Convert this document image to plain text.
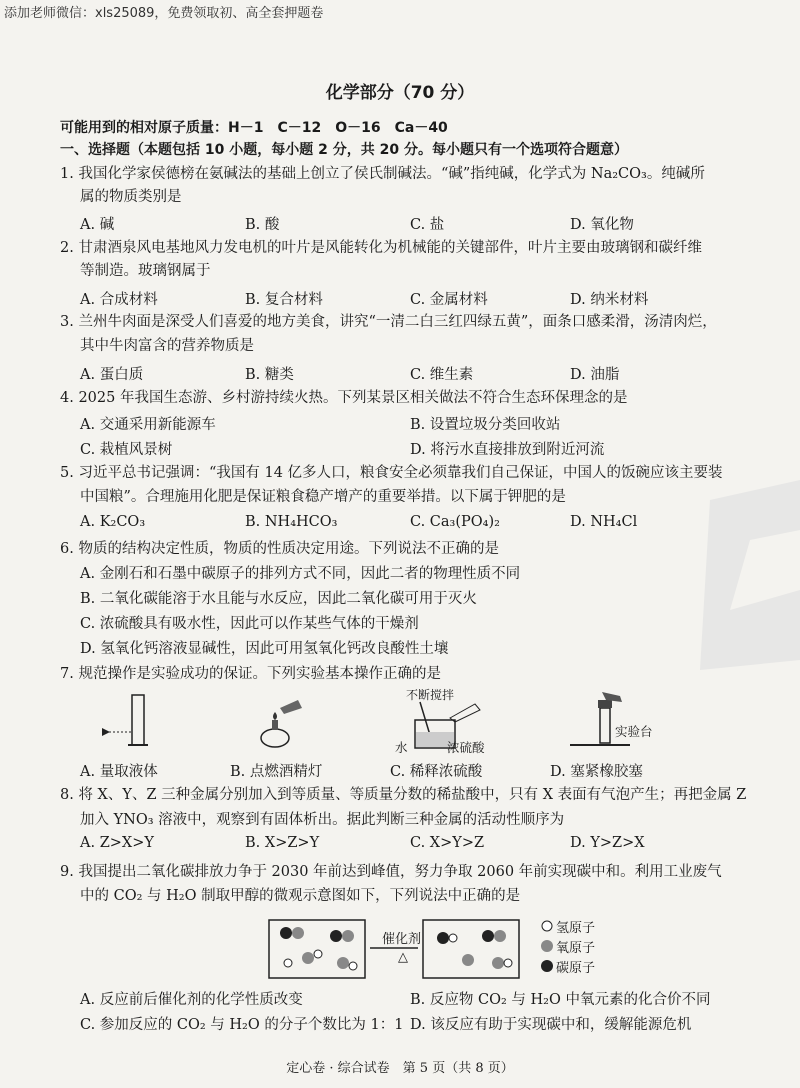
添加老师微信：xls25089，免费领取初、高全套押题卷
化学部分（70 分）
可能用到的相对原子质量：H－1　C－12　O－16　Ca－40
一、选择题（本题包括 10 小题，每小题 2 分，共 20 分。每小题只有一个选项符合题意）
1. 我国化学家侯德榜在氨碱法的基础上创立了侯氏制碱法。“碱”指纯碱，化学式为 Na₂CO₃。纯碱所
属的物质类别是
A. 碱	B. 酸	C. 盐	D. 氧化物
2. 甘肃酒泉风电基地风力发电机的叶片是风能转化为机械能的关键部件，叶片主要由玻璃钢和碳纤维
等制造。玻璃钢属于
A. 合成材料	B. 复合材料	C. 金属材料	D. 纳米材料
3. 兰州牛肉面是深受人们喜爱的地方美食，讲究“一清二白三红四绿五黄”，面条口感柔滑，汤清肉烂，
其中牛肉富含的营养物质是
A. 蛋白质	B. 糖类	C. 维生素	D. 油脂
4. 2025 年我国生态游、乡村游持续火热。下列某景区相关做法不符合生态环保理念的是
A. 交通采用新能源车	B. 设置垃圾分类回收站
C. 栽植风景树	D. 将污水直接排放到附近河流
5. 习近平总书记强调：“我国有 14 亿多人口，粮食安全必须靠我们自己保证，中国人的饭碗应该主要装
中国粮”。合理施用化肥是保证粮食稳产增产的重要举措。以下属于钾肥的是
A. K₂CO₃	B. NH₄HCO₃	C. Ca₃(PO₄)₂	D. NH₄Cl
6. 物质的结构决定性质，物质的性质决定用途。下列说法不正确的是
A. 金刚石和石墨中碳原子的排列方式不同，因此二者的物理性质不同
B. 二氧化碳能溶于水且能与水反应，因此二氧化碳可用于灭火
C. 浓硫酸具有吸水性，因此可以作某些气体的干燥剂
D. 氢氧化钙溶液显碱性，因此可用氢氧化钙改良酸性土壤
7. 规范操作是实验成功的保证。下列实验基本操作正确的是
不断搅拌
水	浓硫酸
实验台
A. 量取液体	B. 点燃酒精灯	C. 稀释浓硫酸	D. 塞紧橡胶塞
8. 将 X、Y、Z 三种金属分别加入到等质量、等质量分数的稀盐酸中，只有 X 表面有气泡产生；再把金属 Z
加入 YNO₃ 溶液中，观察到有固体析出。据此判断三种金属的活动性顺序为
A. Z>X>Y	B. X>Z>Y	C. X>Y>Z	D. Y>Z>X
9. 我国提出二氧化碳排放力争于 2030 年前达到峰值，努力争取 2060 年前实现碳中和。利用工业废气
中的 CO₂ 与 H₂O 制取甲醇的微观示意图如下，下列说法中正确的是
催化剂
△
氢原子
氧原子
碳原子
A. 反应前后催化剂的化学性质改变	B. 反应物 CO₂ 与 H₂O 中氧元素的化合价不同
C. 参加反应的 CO₂ 与 H₂O 的分子个数比为 1：1 D. 该反应有助于实现碳中和，缓解能源危机
定心卷 · 综合试卷　第 5 页（共 8 页）
